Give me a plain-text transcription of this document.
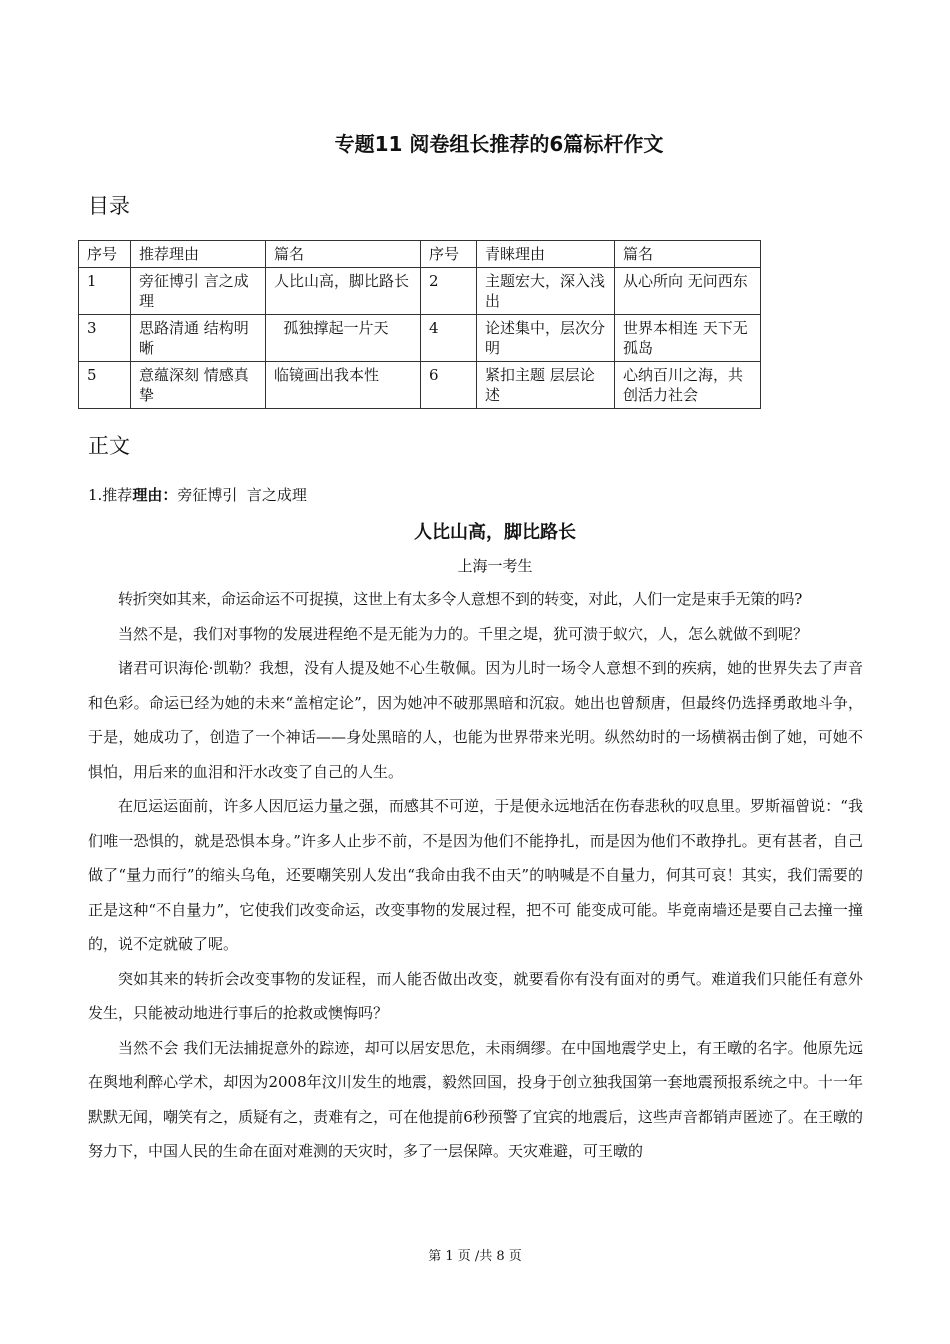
专题11 阅卷组长推荐的6篇标杆作文
目录
序号	推荐理由	篇名	序号	青睐理由	篇名
1	旁征博引 言之成理	人比山高，脚比路长	2	主题宏大，深入浅出	从心所向 无问西东
3	思路清通 结构明晰	孤独撑起一片天	4	论述集中，层次分明	世界本相连 天下无孤岛
5	意蕴深刻 情感真挚	临镜画出我本性	6	紧扣主题 层层论述	心纳百川之海，共创活力社会
正文
1.推荐理由：旁征博引  言之成理
人比山高，脚比路长
上海一考生

转折突如其来，命运命运不可捉摸，这世上有太多令人意想不到的转变，对此，人们一定是束手无策的吗?

当然不是，我们对事物的发展进程绝不是无能为力的。千里之堤，犹可溃于蚁穴，人，怎么就做不到呢？

诸君可识海伦·凯勒？我想，没有人提及她不心生敬佩。因为儿时一场令人意想不到的疾病，她的世界失去了声音和色彩。命运已经为她的未来“盖棺定论”，因为她冲不破那黑暗和沉寂。她出也曾颓唐，但最终仍选择勇敢地斗争，于是，她成功了，创造了一个神话——身处黑暗的人，也能为世界带来光明。纵然幼时的一场横祸击倒了她，可她不惧怕，用后来的血泪和汗水改变了自己的人生。

在厄运运面前，许多人因厄运力量之强，而感其不可逆，于是便永远地活在伤春悲秋的叹息里。罗斯福曾说：“我们唯一恐惧的，就是恐惧本身。”许多人止步不前，不是因为他们不能挣扎，而是因为他们不敢挣扎。更有甚者，自己做了“量力而行”的缩头乌龟，还要嘲笑别人发出“我命由我不由天”的呐喊是不自量力，何其可哀！其实，我们需要的正是这种“不自量力”，它使我们改变命运，改变事物的发展过程，把不可 能变成可能。毕竟南墙还是要自己去撞一撞的，说不定就破了呢。

突如其来的转折会改变事物的发证程，而人能否做出改变，就要看你有没有面对的勇气。难道我们只能任有意外发生，只能被动地进行事后的抢救或懊悔吗？

当然不会 我们无法捕捉意外的踪迹，却可以居安思危，未雨绸缪。在中国地震学史上，有王暾的名字。他原先远在舆地利醉心学术，却因为2008年汶川发生的地震，毅然回国，投身于创立独我国第一套地震预报系统之中。十一年默默无闻，嘲笑有之，质疑有之，责难有之，可在他提前6秒预警了宜宾的地震后，这些声音都销声匿迹了。在王暾的努力下，中国人民的生命在面对难测的天灾时，多了一层保障。天灾难避，可王暾的

第 1 页 /共 8 页
